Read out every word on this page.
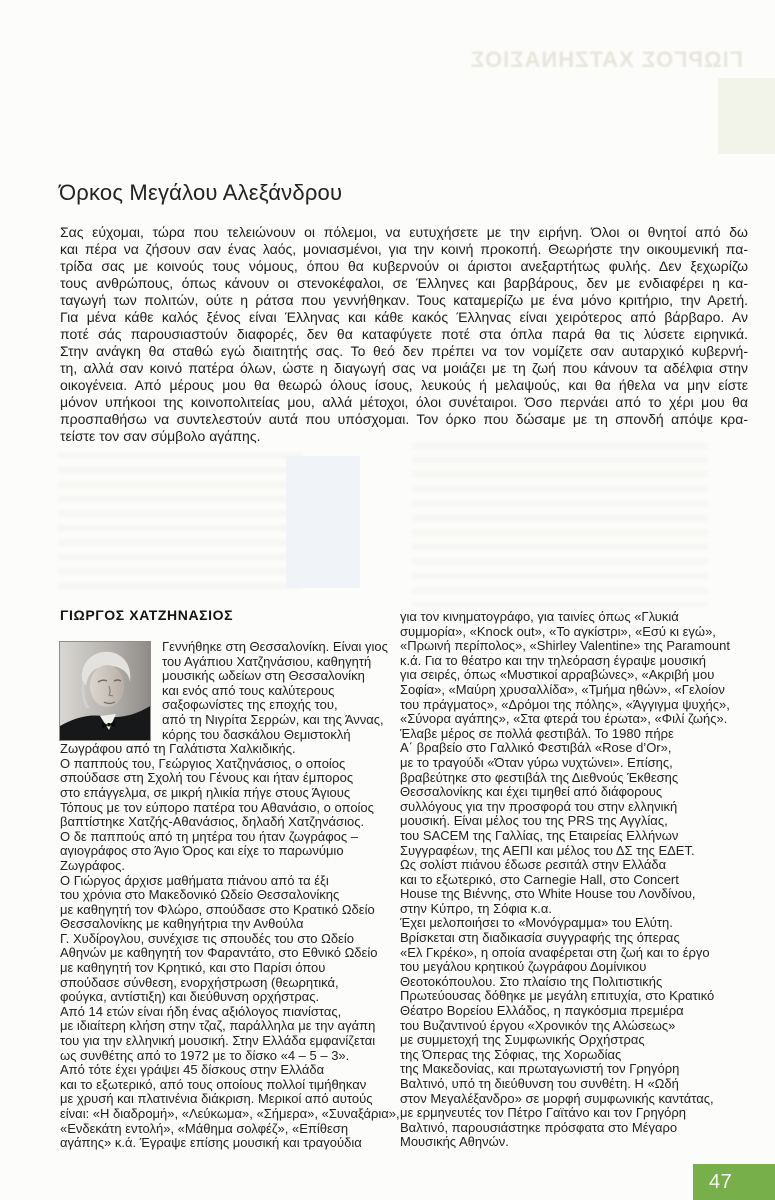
ΓΙΩΡΓΟΣ ΧΑΤΖΗΝΑΣΙΟΣ
Όρκος Μεγάλου Αλεξάνδρου
Σας εύχομαι, τώρα που τελειώνουν οι πόλεμοι, να ευτυχήσετε με την ειρήνη. Όλοι οι θνητοί από δω
και πέρα να ζήσουν σαν ένας λαός, μονιασμένοι, για την κοινή προκοπή. Θεωρήστε την οικουμενική πα-
τρίδα σας με κοινούς τους νόμους, όπου θα κυβερνούν οι άριστοι ανεξαρτήτως φυλής. Δεν ξεχωρίζω
τους ανθρώπους, όπως κάνουν οι στενοκέφαλοι, σε Έλληνες και βαρβάρους, δεν με ενδιαφέρει η κα-
ταγωγή των πολιτών, ούτε η ράτσα που γεννήθηκαν. Τους καταμερίζω με ένα μόνο κριτήριο, την Αρετή.
Για μένα κάθε καλός ξένος είναι Έλληνας και κάθε κακός Έλληνας είναι χειρότερος από βάρβαρο. Αν
ποτέ σάς παρουσιαστούν διαφορές, δεν θα καταφύγετε ποτέ στα όπλα παρά θα τις λύσετε ειρηνικά.
Στην ανάγκη θα σταθώ εγώ διαιτητής σας. Το θεό δεν πρέπει να τον νομίζετε σαν αυταρχικό κυβερνή-
τη, αλλά σαν κοινό πατέρα όλων, ώστε η διαγωγή σας να μοιάζει με τη ζωή που κάνουν τα αδέλφια στην
οικογένεια. Από μέρους μου θα θεωρώ όλους ίσους, λευκούς ή μελαψούς, και θα ήθελα να μην είστε
μόνον υπήκοοι της κοινοπολιτείας μου, αλλά μέτοχοι, όλοι συνέταιροι. Όσο περνάει από το χέρι μου θα
προσπαθήσω να συντελεστούν αυτά που υπόσχομαι. Τον όρκο που δώσαμε με τη σπονδή απόψε κρα-
τείστε τον σαν σύμβολο αγάπης.
ΓΙΩΡΓΟΣ ΧΑΤΖΗΝΑΣΙΟΣ
Γεννήθηκε στη Θεσσαλονίκη. Είναι γιος
του Αγάπιου Χατζηνάσιου, καθηγητή
μουσικής ωδείων στη Θεσσαλονίκη
και ενός από τους καλύτερους
σαξοφωνίστες της εποχής του,
από τη Νιγρίτα Σερρών, και της Άννας,
κόρης του δασκάλου Θεμιστοκλή
Ζωγράφου από τη Γαλάτιστα Χαλκιδικής.
Ο παππούς του, Γεώργιος Χατζηνάσιος, ο οποίος
σπούδασε στη Σχολή του Γένους και ήταν έμπορος
στο επάγγελμα, σε μικρή ηλικία πήγε στους Άγιους
Τόπους με τον εύπορο πατέρα του Αθανάσιο, ο οποίος
βαπτίστηκε Χατζής-Αθανάσιος, δηλαδή Χατζηνάσιος.
Ο δε παππούς από τη μητέρα του ήταν ζωγράφος –
αγιογράφος στο Άγιο Όρος και είχε το παρωνύμιο
Ζωγράφος.
Ο Γιώργος άρχισε μαθήματα πιάνου από τα έξι
του χρόνια στο Μακεδονικό Ωδείο Θεσσαλονίκης
με καθηγητή τον Φλώρο, σπούδασε στο Κρατικό Ωδείο
Θεσσαλονίκης με καθηγήτρια την Ανθούλα
Γ. Χυδίρογλου, συνέχισε τις σπουδές του στο Ωδείο
Αθηνών με καθηγητή τον Φαραντάτο, στο Εθνικό Ωδείο
με καθηγητή τον Κρητικό, και στο Παρίσι όπου
σπούδασε σύνθεση, ενορχήστρωση (θεωρητικά,
φούγκα, αντίστιξη) και διεύθυνση ορχήστρας.
Από 14 ετών είναι ήδη ένας αξιόλογος πιανίστας,
με ιδιαίτερη κλήση στην τζαζ, παράλληλα με την αγάπη
του για την ελληνική μουσική. Στην Ελλάδα εμφανίζεται
ως συνθέτης από το 1972 με το δίσκο «4 – 5 – 3».
Από τότε έχει γράψει 45 δίσκους στην Ελλάδα
και το εξωτερικό, από τους οποίους πολλοί τιμήθηκαν
με χρυσή και πλατινένια διάκριση. Μερικοί από αυτούς
είναι: «Η διαδρομή», «Λεύκωμα», «Σήμερα», «Συναξάρια»,
«Ενδεκάτη εντολή», «Μάθημα σολφέζ», «Επίθεση
αγάπης» κ.ά. Έγραψε επίσης μουσική και τραγούδια
για τον κινηματογράφο, για ταινίες όπως «Γλυκιά
συμμορία», «Knock out», «Το αγκίστρι», «Εσύ κι εγώ»,
«Πρωινή περίπολος», «Shirley Valentine» της Paramount
κ.ά. Για το θέατρο και την τηλεόραση έγραψε μουσική
για σειρές, όπως «Μυστικοί αρραβώνες», «Ακριβή μου
Σοφία», «Μαύρη χρυσαλλίδα», «Τμήμα ηθών», «Γελοίον
του πράγματος», «Δρόμοι της πόλης», «Άγγιγμα ψυχής»,
«Σύνορα αγάπης», «Στα φτερά του έρωτα», «Φιλί ζωής».
Έλαβε μέρος σε πολλά φεστιβάλ. Το 1980 πήρε
Α΄ βραβείο στο Γαλλικό Φεστιβάλ «Rose d’Or»,
με το τραγούδι «Όταν γύρω νυχτώνει». Επίσης,
βραβεύτηκε στο φεστιβάλ της Διεθνούς Έκθεσης
Θεσσαλονίκης και έχει τιμηθεί από διάφορους
συλλόγους για την προσφορά του στην ελληνική
μουσική. Είναι μέλος του της PRS της Αγγλίας,
του SACEM της Γαλλίας, της Εταιρείας Ελλήνων
Συγγραφέων, της ΑΕΠΙ και μέλος του ΔΣ της ΕΔΕΤ.
Ως σολίστ πιάνου έδωσε ρεσιτάλ στην Ελλάδα
και το εξωτερικό, στο Carnegie Hall, στο Concert
House της Βιέννης, στο White House του Λονδίνου,
στην Κύπρο, τη Σόφια κ.α.
Έχει μελοποιήσει το «Μονόγραμμα» του Ελύτη.
Βρίσκεται στη διαδικασία συγγραφής της όπερας
«Ελ Γκρέκο», η οποία αναφέρεται στη ζωή και το έργο
του μεγάλου κρητικού ζωγράφου Δομίνικου
Θεοτοκόπουλου. Στο πλαίσιο της Πολιτιστικής
Πρωτεύουσας δόθηκε με μεγάλη επιτυχία, στο Κρατικό
Θέατρο Βορείου Ελλάδος, η παγκόσμια πρεμιέρα
του Βυζαντινού έργου «Χρονικόν της Αλώσεως»
με συμμετοχή της Συμφωνικής Ορχήστρας
της Όπερας της Σόφιας, της Χορωδίας
της Μακεδονίας, και πρωταγωνιστή τον Γρηγόρη
Βαλτινό, υπό τη διεύθυνση του συνθέτη. Η «Ωδή
στον Μεγαλέξανδρο» σε μορφή συμφωνικής καντάτας,
με ερμηνευτές τον Πέτρο Γαϊτάνο και τον Γρηγόρη
Βαλτινό, παρουσιάστηκε πρόσφατα στο Μέγαρο
Μουσικής Αθηνών.
47
